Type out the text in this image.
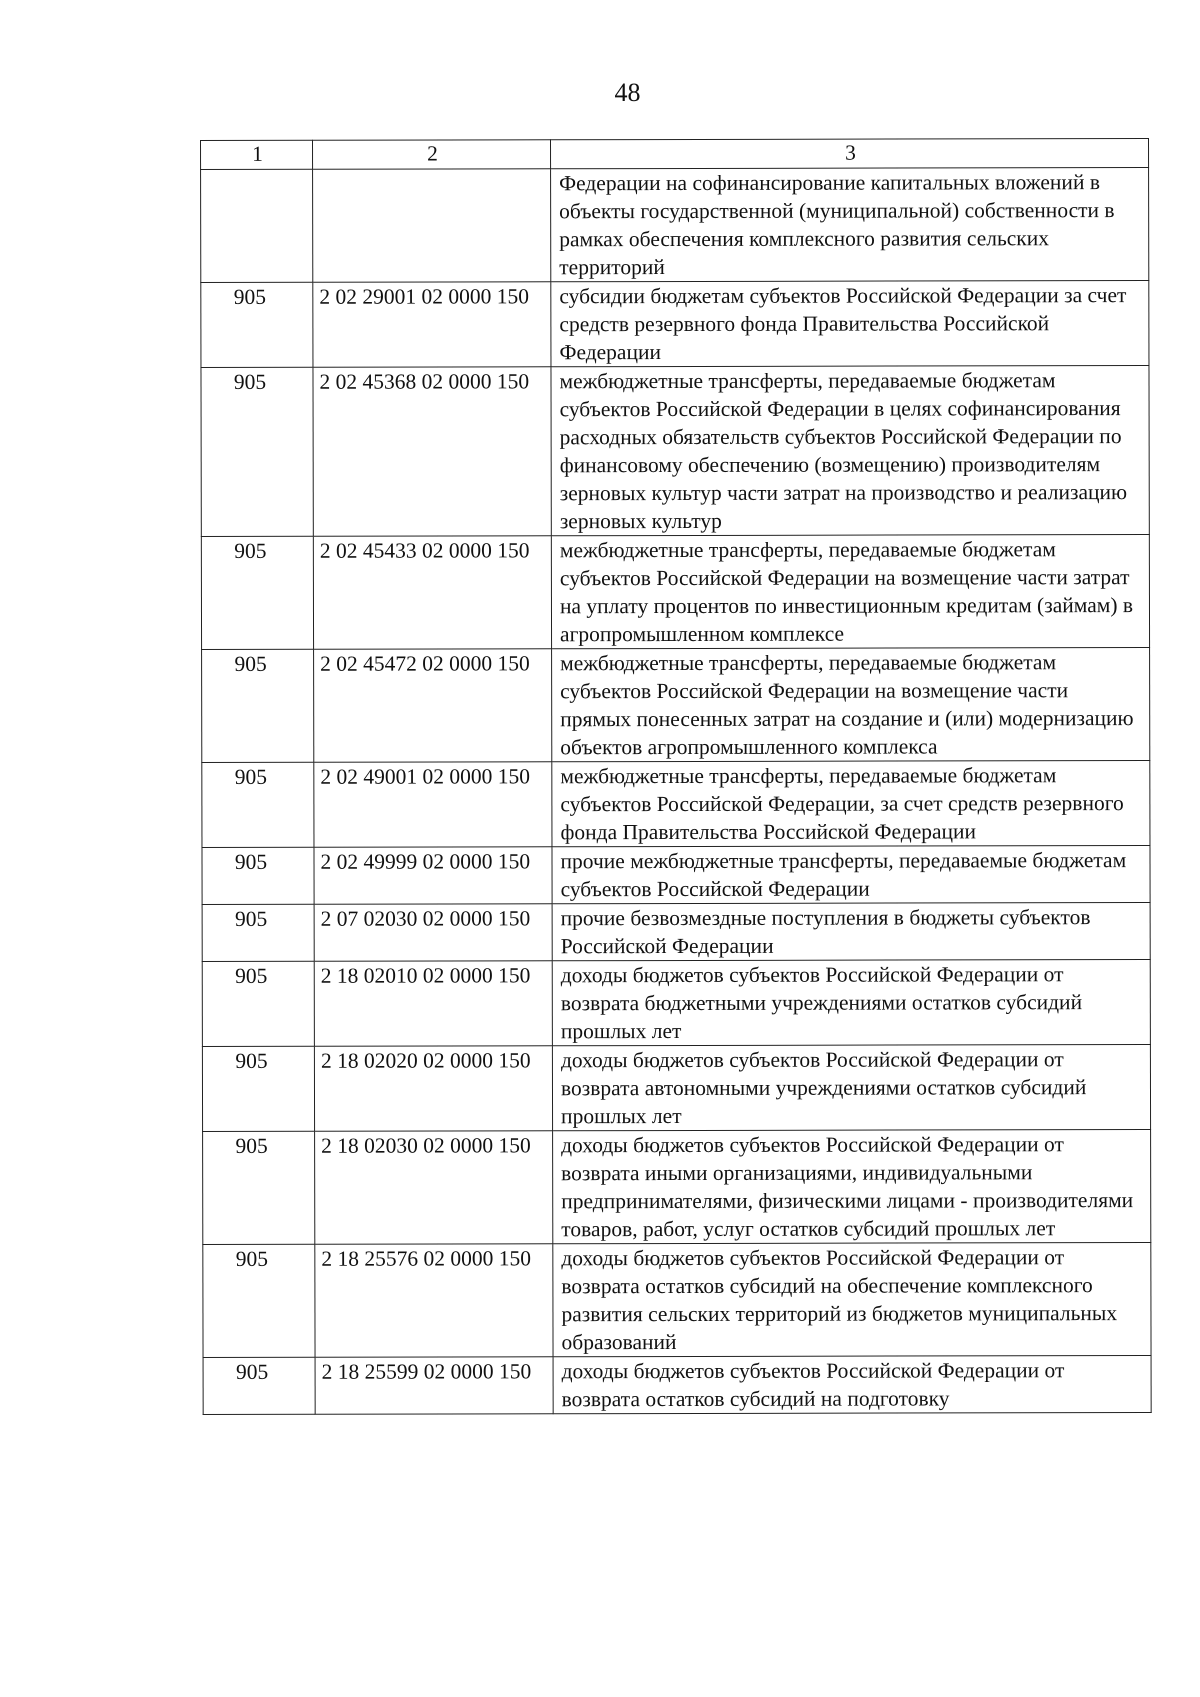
48
1	2	3
		Федерации на софинансирование капитальных вложений в объекты государственной (муниципальной) собственности в рамках обеспечения комплексного развития сельских территорий
905	2 02 29001 02 0000 150	субсидии бюджетам субъектов Российской Федерации за счет средств резервного фонда Правительства Российской Федерации
905	2 02 45368 02 0000 150	межбюджетные трансферты, передаваемые бюджетам субъектов Российской Федерации в целях софинансирования расходных обязательств субъектов Российской Федерации по финансовому обеспечению (возмещению) производителям зерновых культур части затрат на производство и реализацию зерновых культур
905	2 02 45433 02 0000 150	межбюджетные трансферты, передаваемые бюджетам субъектов Российской Федерации на возмещение части затрат на уплату процентов по инвестиционным кредитам (займам) в агропромышленном комплексе
905	2 02 45472 02 0000 150	межбюджетные трансферты, передаваемые бюджетам субъектов Российской Федерации на возмещение части прямых понесенных затрат на создание и (или) модернизацию объектов агропромышленного комплекса
905	2 02 49001 02 0000 150	межбюджетные трансферты, передаваемые бюджетам субъектов Российской Федерации, за счет средств резервного фонда Правительства Российской Федерации
905	2 02 49999 02 0000 150	прочие межбюджетные трансферты, передаваемые бюджетам субъектов Российской Федерации
905	2 07 02030 02 0000 150	прочие безвозмездные поступления в бюджеты субъектов Российской Федерации
905	2 18 02010 02 0000 150	доходы бюджетов субъектов Российской Федерации от возврата бюджетными учреждениями остатков субсидий прошлых лет
905	2 18 02020 02 0000 150	доходы бюджетов субъектов Российской Федерации от возврата автономными учреждениями остатков субсидий прошлых лет
905	2 18 02030 02 0000 150	доходы бюджетов субъектов Российской Федерации от возврата иными организациями, индивидуальными предпринимателями, физическими лицами - производителями товаров, работ, услуг остатков субсидий прошлых лет
905	2 18 25576 02 0000 150	доходы бюджетов субъектов Российской Федерации от возврата остатков субсидий на обеспечение комплексного развития сельских территорий из бюджетов муниципальных образований
905	2 18 25599 02 0000 150	доходы бюджетов субъектов Российской Федерации от возврата остатков субсидий на подготовку
